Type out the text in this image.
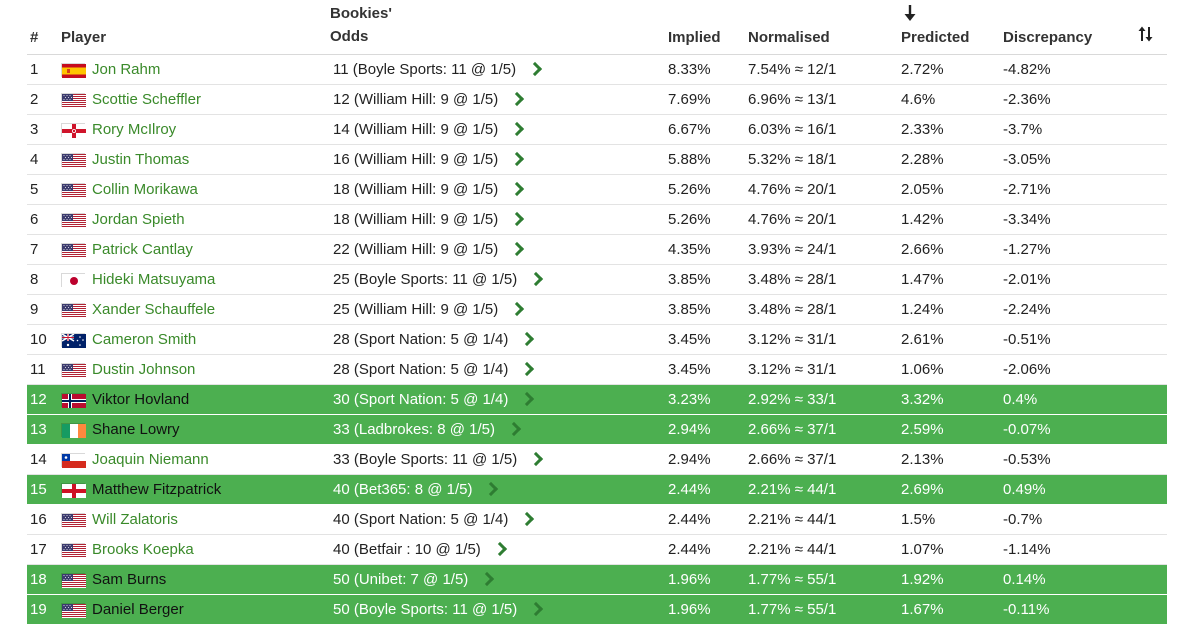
# Player
Bookies'
Odds	Implied Normalised	Predicted Discrepancy
1	Jon Rahm	11 (Boyle Sports: 11 @ 1/5)	8.33% 7.54% ≈ 12/1	2.72%	-4.82%
2	Scottie Scheffler	12 (William Hill: 9 @ 1/5)	7.69% 6.96% ≈ 13/1	4.6%	-2.36%
3	Rory McIlroy	14 (William Hill: 9 @ 1/5)	6.67% 6.03% ≈ 16/1	2.33%	-3.7%
4	Justin Thomas	16 (William Hill: 9 @ 1/5)	5.88% 5.32% ≈ 18/1	2.28%	-3.05%
5	Collin Morikawa	18 (William Hill: 9 @ 1/5)	5.26% 4.76% ≈ 20/1	2.05%	-2.71%
6	Jordan Spieth	18 (William Hill: 9 @ 1/5)	5.26% 4.76% ≈ 20/1	1.42%	-3.34%
7	Patrick Cantlay	22 (William Hill: 9 @ 1/5)	4.35% 3.93% ≈ 24/1	2.66%	-1.27%
8	Hideki Matsuyama	25 (Boyle Sports: 11 @ 1/5)	3.85% 3.48% ≈ 28/1	1.47%	-2.01%
9	Xander Schauffele	25 (William Hill: 9 @ 1/5)	3.85% 3.48% ≈ 28/1	1.24%	-2.24%
10	Cameron Smith	28 (Sport Nation: 5 @ 1/4)	3.45% 3.12% ≈ 31/1	2.61%	-0.51%
11	Dustin Johnson	28 (Sport Nation: 5 @ 1/4)	3.45% 3.12% ≈ 31/1	1.06%	-2.06%
12	Viktor Hovland	30 (Sport Nation: 5 @ 1/4)	3.23% 2.92% ≈ 33/1	3.32%	0.4%
13	Shane Lowry	33 (Ladbrokes: 8 @ 1/5)	2.94% 2.66% ≈ 37/1	2.59%	-0.07%
14	Joaquin Niemann	33 (Boyle Sports: 11 @ 1/5)	2.94% 2.66% ≈ 37/1	2.13%	-0.53%
15	Matthew Fitzpatrick	40 (Bet365: 8 @ 1/5)	2.44% 2.21% ≈ 44/1	2.69%	0.49%
16	Will Zalatoris	40 (Sport Nation: 5 @ 1/4)	2.44% 2.21% ≈ 44/1	1.5%	-0.7%
17	Brooks Koepka	40 (Betfair : 10 @ 1/5)	2.44% 2.21% ≈ 44/1	1.07%	-1.14%
18	Sam Burns	50 (Unibet: 7 @ 1/5)	1.96% 1.77% ≈ 55/1	1.92%	0.14%
19	Daniel Berger	50 (Boyle Sports: 11 @ 1/5)	1.96% 1.77% ≈ 55/1	1.67%	-0.11%
